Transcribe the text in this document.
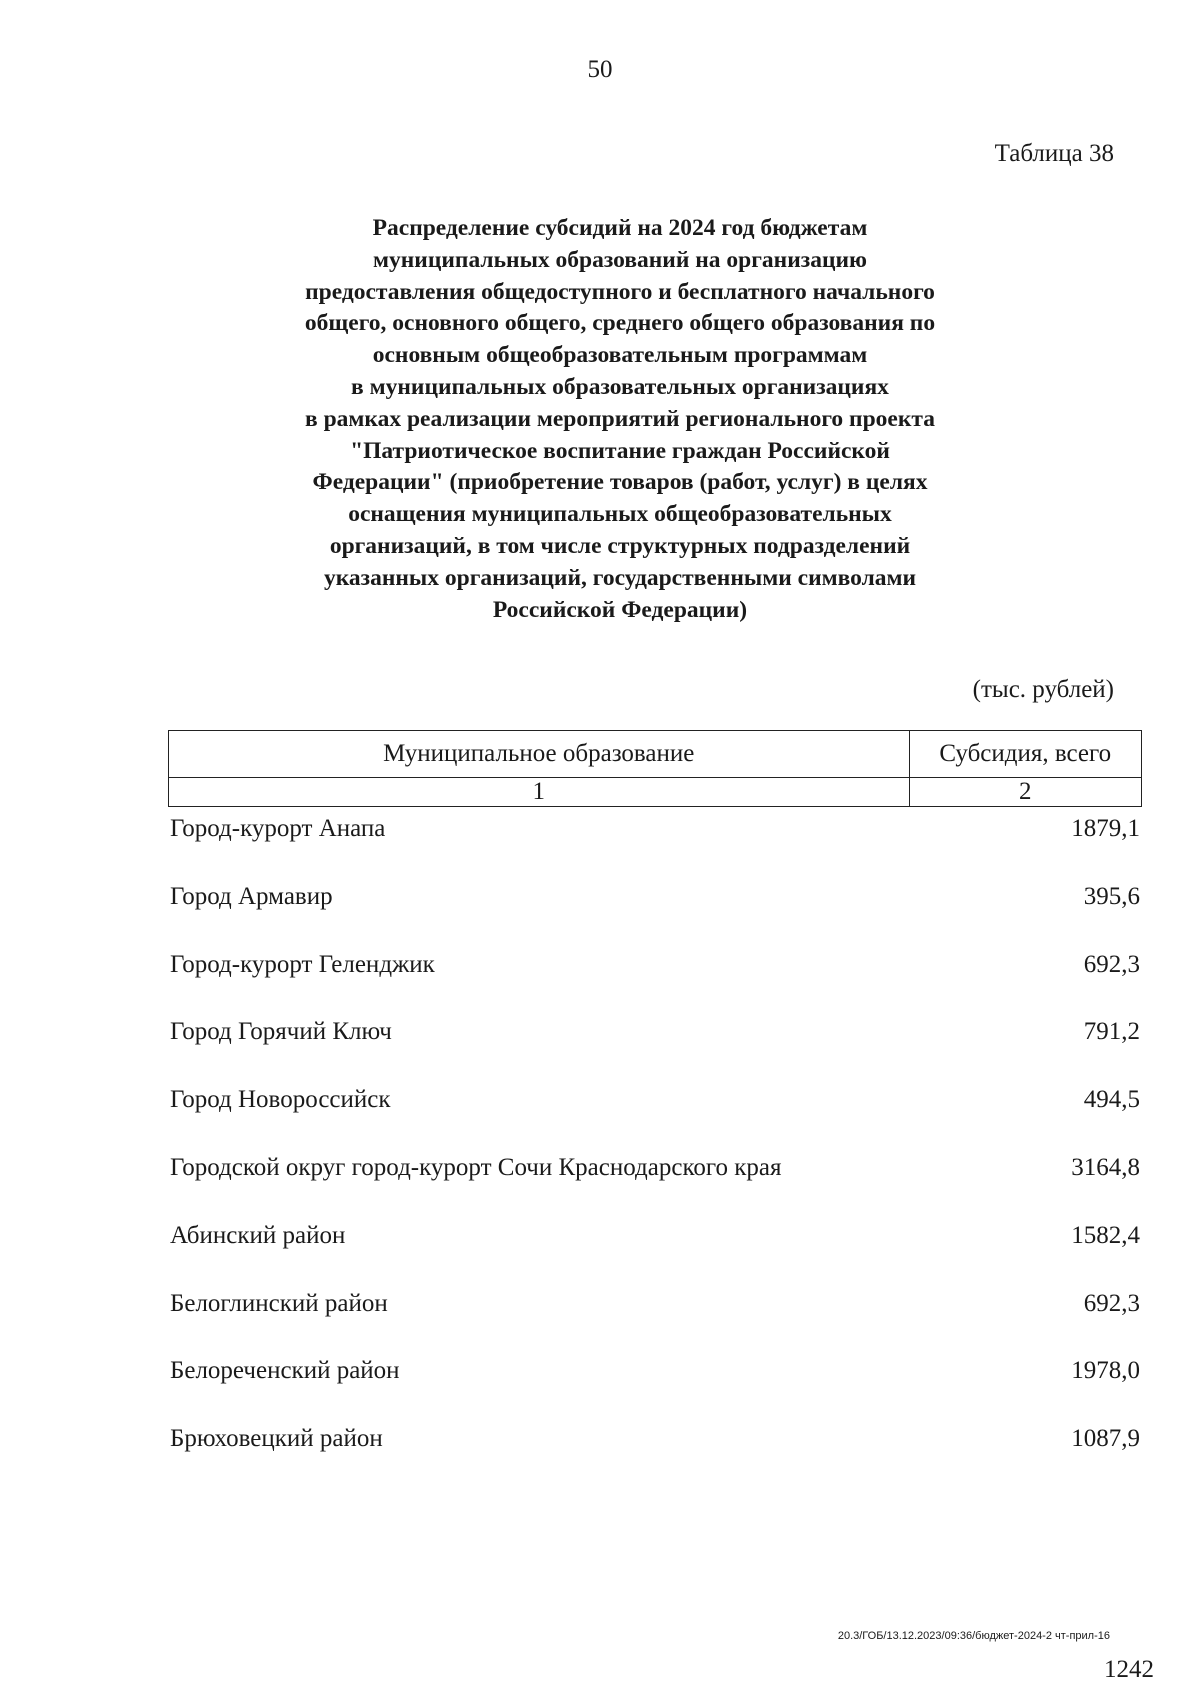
50
Таблица 38
Распределение субсидий на 2024 год бюджетам
муниципальных образований на организацию
предоставления общедоступного и бесплатного начального
общего, основного общего, среднего общего образования по
основным общеобразовательным программам
в муниципальных образовательных организациях
в рамках реализации мероприятий регионального проекта
"Патриотическое воспитание граждан Российской
Федерации" (приобретение товаров (работ, услуг) в целях
оснащения муниципальных общеобразовательных
организаций, в том числе структурных подразделений
указанных организаций, государственными символами
Российской Федерации)
(тыс. рублей)
Муниципальное образование	Субсидия, всего
1	2
Город-курорт Анапа	1879,1
Город Армавир	395,6
Город-курорт Геленджик	692,3
Город Горячий Ключ	791,2
Город Новороссийск	494,5
Городской округ город-курорт Сочи Краснодарского края	3164,8
Абинский район	1582,4
Белоглинский район	692,3
Белореченский район	1978,0
Брюховецкий район	1087,9
20.3/ГОБ/13.12.2023/09:36/бюджет-2024-2 чт-прил-16
1242
